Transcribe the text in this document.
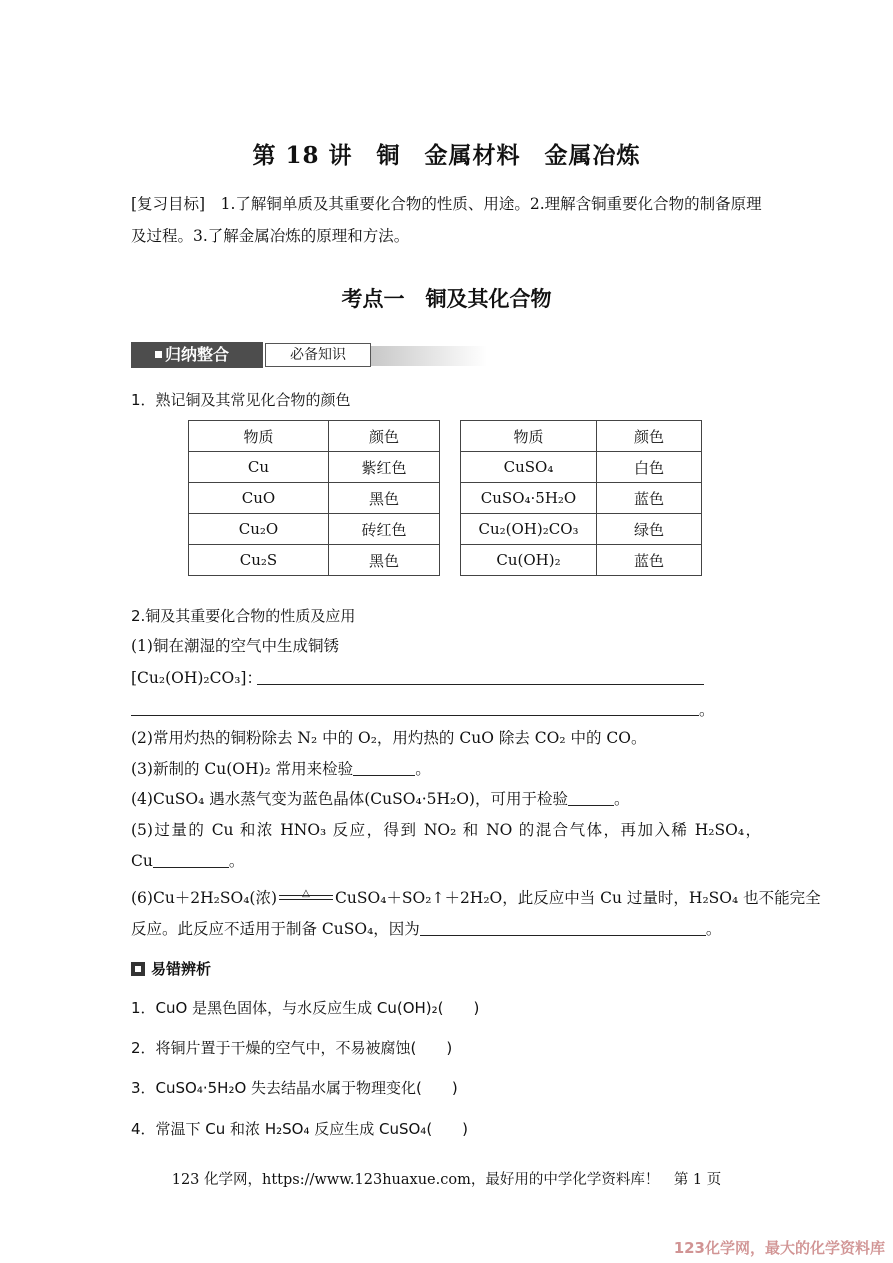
第 18 讲　铜　金属材料　金属冶炼
[复习目标]　1.了解铜单质及其重要化合物的性质、用途。2.理解含铜重要化合物的制备原理
及过程。3.了解金属冶炼的原理和方法。
考点一　铜及其化合物
归纳整合	必备知识
1．熟记铜及其常见化合物的颜色
物质	颜色		物质	颜色
Cu	紫红色		CuSO₄	白色
CuO	黑色		CuSO₄·5H₂O	蓝色
Cu₂O	砖红色		Cu₂(OH)₂CO₃	绿色
Cu₂S	黑色		Cu(OH)₂	蓝色
2.铜及其重要化合物的性质及应用
(1)铜在潮湿的空气中生成铜锈
[Cu₂(OH)₂CO₃]：
。
(2)常用灼热的铜粉除去 N₂ 中的 O₂，用灼热的 CuO 除去 CO₂ 中的 CO。
(3)新制的 Cu(OH)₂ 常用来检验	。
(4)CuSO₄ 遇水蒸气变为蓝色晶体(CuSO₄·5H₂O)，可用于检验	。
(5)过量的 Cu 和浓 HNO₃ 反应，得到 NO₂ 和 NO 的混合气体，再加入稀 H₂SO₄，
Cu	。
(6)Cu＋2H₂SO₄(浓)	△	CuSO₄＋SO₂↑＋2H₂O，此反应中当 Cu 过量时，H₂SO₄ 也不能完全
反应。此反应不适用于制备 CuSO₄，因为	。
易错辨析
1．CuO 是黑色固体，与水反应生成 Cu(OH)₂(　　)
2．将铜片置于干燥的空气中，不易被腐蚀(　　)
3．CuSO₄·5H₂O 失去结晶水属于物理变化(　　)
4．常温下 Cu 和浓 H₂SO₄ 反应生成 CuSO₄(　　)
123 化学网，https://www.123huaxue.com，最好用的中学化学资料库！　第 1 页
123化学网，最大的化学资料库
